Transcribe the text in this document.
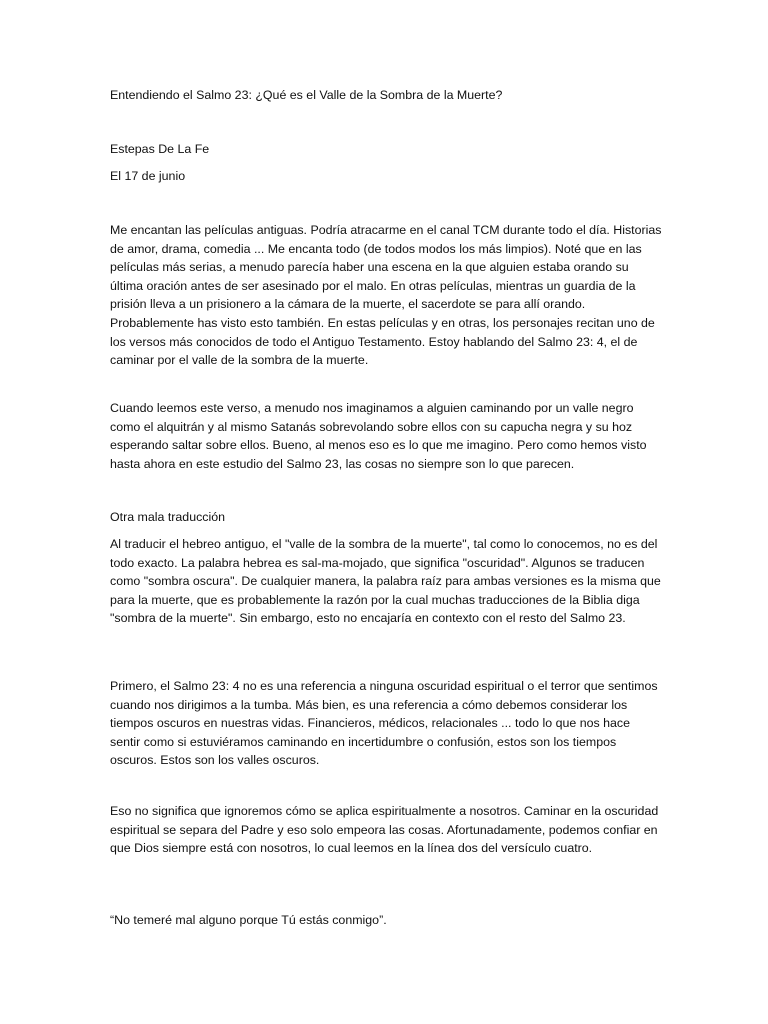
Entendiendo el Salmo 23: ¿Qué es el Valle de la Sombra de la Muerte?

Estepas De La Fe

El 17 de junio

Me encantan las películas antiguas. Podría atracarme en el canal TCM durante todo el día. Historias de amor, drama, comedia ... Me encanta todo (de todos modos los más limpios). Noté que en las películas más serias, a menudo parecía haber una escena en la que alguien estaba orando su última oración antes de ser asesinado por el malo. En otras películas, mientras un guardia de la prisión lleva a un prisionero a la cámara de la muerte, el sacerdote se para allí orando. Probablemente has visto esto también. En estas películas y en otras, los personajes recitan uno de los versos más conocidos de todo el Antiguo Testamento. Estoy hablando del Salmo 23: 4, el de caminar por el valle de la sombra de la muerte.

Cuando leemos este verso, a menudo nos imaginamos a alguien caminando por un valle negro como el alquitrán y al mismo Satanás sobrevolando sobre ellos con su capucha negra y su hoz esperando saltar sobre ellos. Bueno, al menos eso es lo que me imagino. Pero como hemos visto hasta ahora en este estudio del Salmo 23, las cosas no siempre son lo que parecen.

Otra mala traducción

Al traducir el hebreo antiguo, el "valle de la sombra de la muerte", tal como lo conocemos, no es del todo exacto. La palabra hebrea es sal-ma-mojado, que significa "oscuridad". Algunos se traducen como "sombra oscura". De cualquier manera, la palabra raíz para ambas versiones es la misma que para la muerte, que es probablemente la razón por la cual muchas traducciones de la Biblia diga "sombra de la muerte". Sin embargo, esto no encajaría en contexto con el resto del Salmo 23.

Primero, el Salmo 23: 4 no es una referencia a ninguna oscuridad espiritual o el terror que sentimos cuando nos dirigimos a la tumba. Más bien, es una referencia a cómo debemos considerar los tiempos oscuros en nuestras vidas. Financieros, médicos, relacionales ... todo lo que nos hace sentir como si estuviéramos caminando en incertidumbre o confusión, estos son los tiempos oscuros. Estos son los valles oscuros.

Eso no significa que ignoremos cómo se aplica espiritualmente a nosotros. Caminar en la oscuridad espiritual se separa del Padre y eso solo empeora las cosas. Afortunadamente, podemos confiar en que Dios siempre está con nosotros, lo cual leemos en la línea dos del versículo cuatro.

“No temeré mal alguno porque Tú estás conmigo”.
